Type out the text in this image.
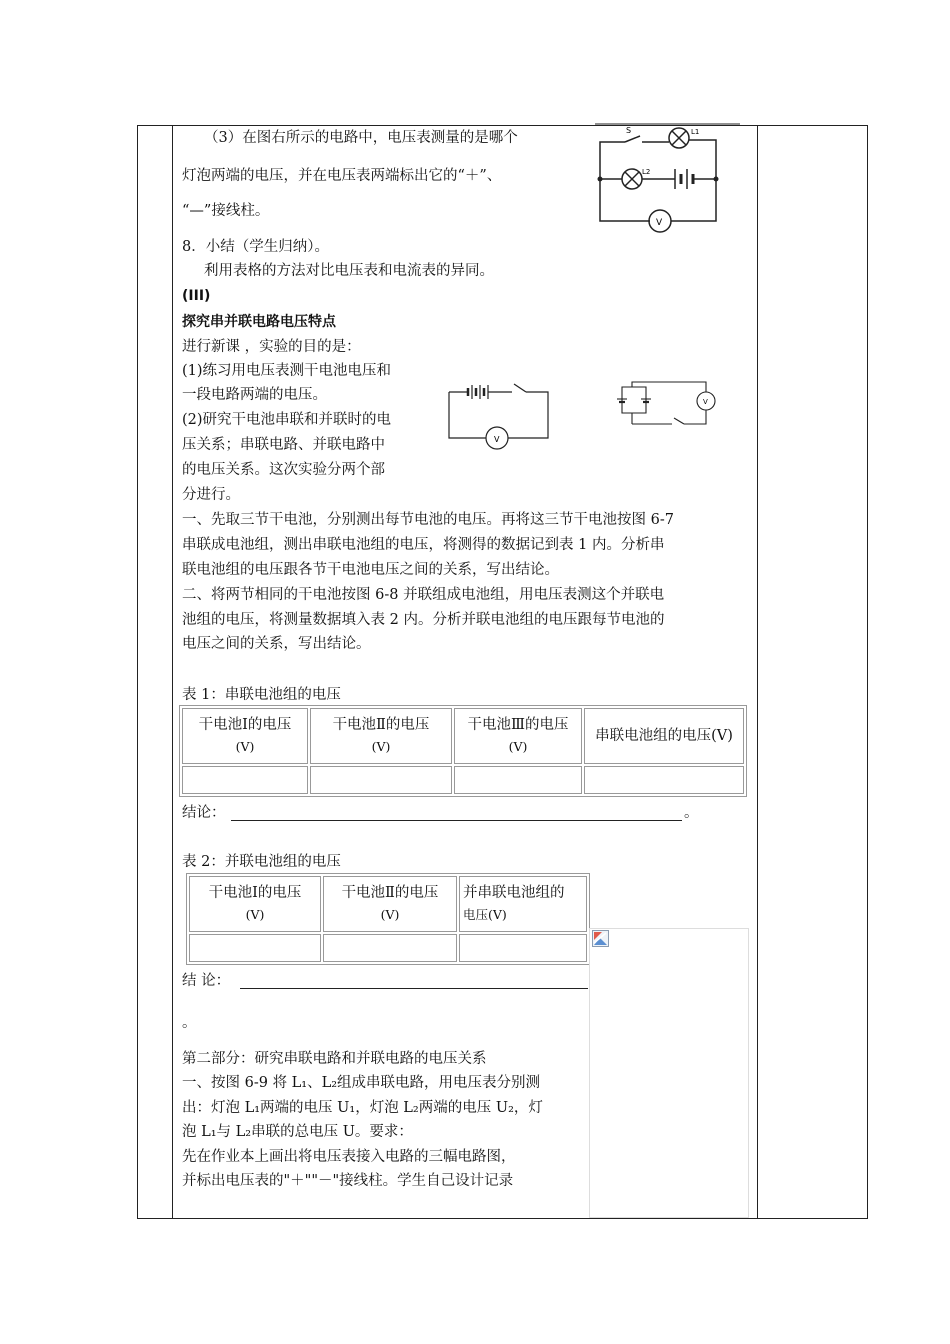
（3）在图右所示的电路中，电压表测量的是哪个
灯泡两端的电压，并在电压表两端标出它的“＋”、
“—”接线柱。
S	L1
L2
V
8．小结（学生归纳）。
利用表格的方法对比电压表和电流表的异同。
(III)
探究串并联电路电压特点
进行新课 ，实验的目的是：
(1)练习用电压表测干电池电压和
一段电路两端的电压。
(2)研究干电池串联和并联时的电
压关系；串联电路、并联电路中
的电压关系。这次实验分两个部
分进行。
V
V
一、先取三节干电池，分别测出每节电池的电压。再将这三节干电池按图 6-7
串联成电池组，测出串联电池组的电压，将测得的数据记到表 1 内。分析串
联电池组的电压跟各节干电池电压之间的关系，写出结论。
二、将两节相同的干电池按图 6-8 并联组成电池组，用电压表测这个并联电
池组的电压，将测量数据填入表 2 内。分析并联电池组的电压跟每节电池的
电压之间的关系，写出结论。
表 1：串联电池组的电压
干电池Ⅰ的电压
(V)	干电池Ⅱ的电压
(V)	干电池Ⅲ的电压
(V)	串联电池组的电压(V)

结论：	。
表 2：并联电池组的电压
干电池Ⅰ的电压
(V)	干电池Ⅱ的电压
(V)	并串联电池组的
电压(V)

结 论：
。
第二部分：研究串联电路和并联电路的电压关系
一、按图 6-9 将 L₁、L₂组成串联电路，用电压表分别测
出：灯泡 L₁两端的电压 U₁，灯泡 L₂两端的电压 U₂，灯
泡 L₁与 L₂串联的总电压 U。要求：
先在作业本上画出将电压表接入电路的三幅电路图，
并标出电压表的"＋""－"接线柱。学生自己设计记录
